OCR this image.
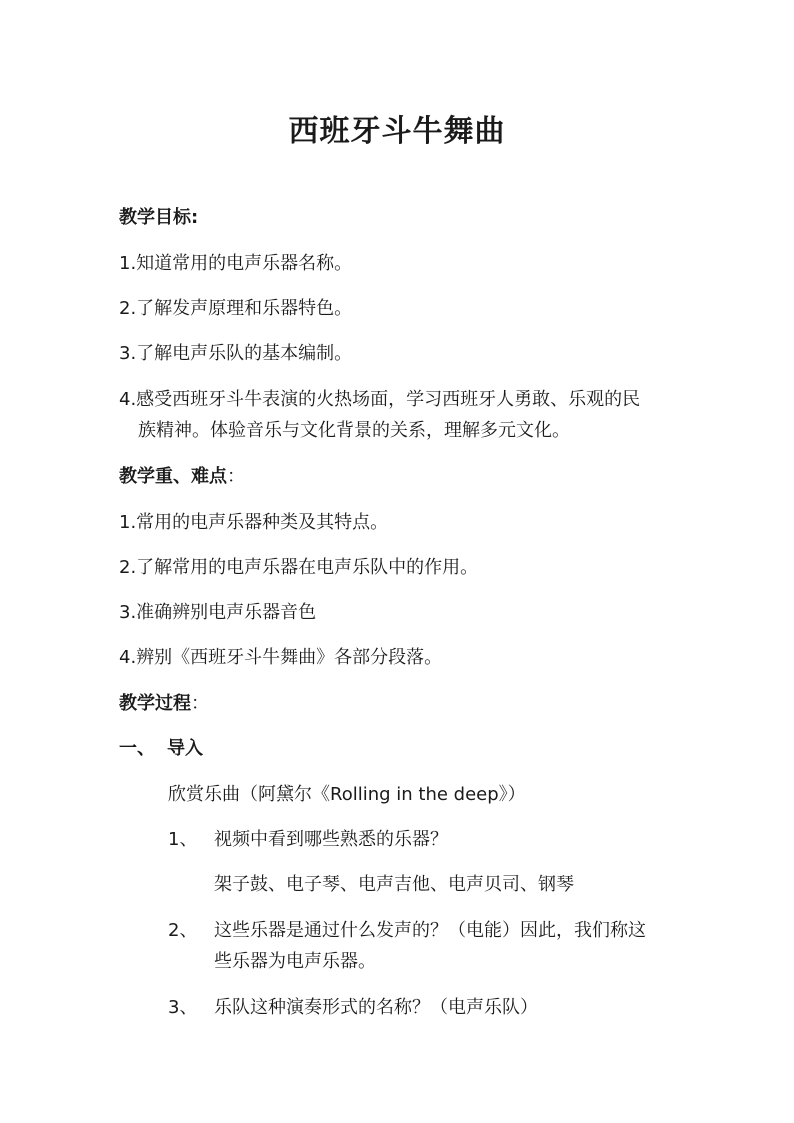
西班牙斗牛舞曲

教学目标:

1.知道常用的电声乐器名称。

2.了解发声原理和乐器特色。

3.了解电声乐队的基本编制。

4.感受西班牙斗牛表演的火热场面，学习西班牙人勇敢、乐观的民

族精神。体验音乐与文化背景的关系，理解多元文化。

教学重、难点：

1.常用的电声乐器种类及其特点。

2.了解常用的电声乐器在电声乐队中的作用。

3.准确辨别电声乐器音色

4.辨别《西班牙斗牛舞曲》各部分段落。

教学过程：

一、 导入

欣赏乐曲（阿黛尔《Rolling in the deep》）

1、 视频中看到哪些熟悉的乐器？

架子鼓、电子琴、电声吉他、电声贝司、钢琴

2、 这些乐器是通过什么发声的？（电能）因此，我们称这

些乐器为电声乐器。

3、 乐队这种演奏形式的名称？（电声乐队）
